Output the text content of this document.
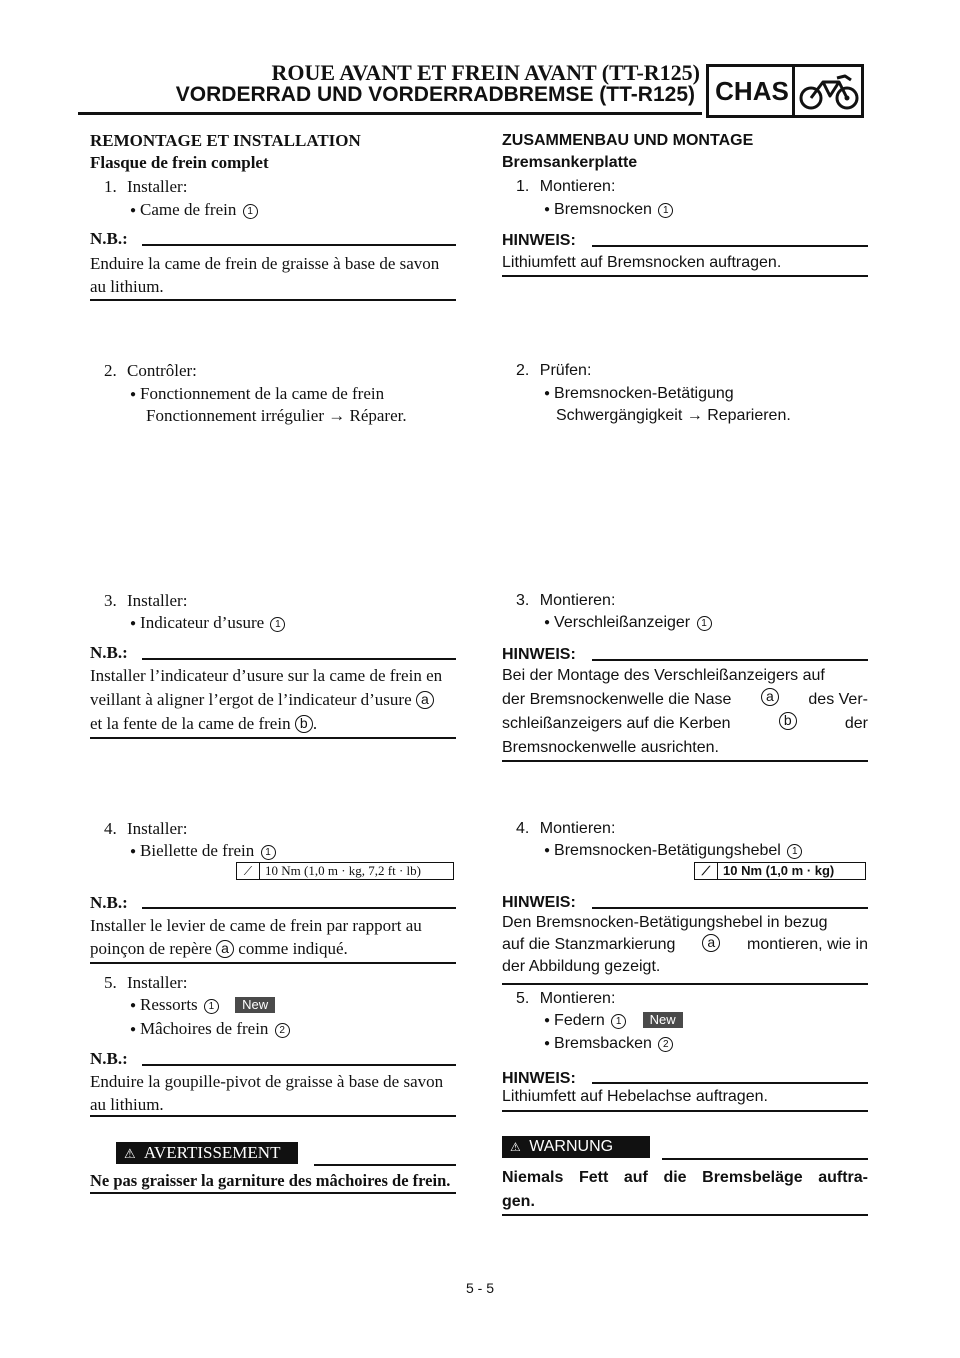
ROUE AVANT ET FREIN AVANT (TT-R125)
VORDERRAD UND VORDERRADBREMSE (TT-R125) CHAS
REMONTAGE ET INSTALLATION
Flasque de frein complet
1. Installer:
● Came de frein 1
N.B.:
Enduire la came de frein de graisse à base de savon
au lithium.
2. Contrôler:
● Fonctionnement de la came de frein
Fonctionnement irrégulier → Réparer.
3. Installer:
● Indicateur d’usure 1
N.B.:
Installer l’indicateur d’usure sur la came de frein en
veillant à aligner l’ergot de l’indicateur d’usure a
et la fente de la came de frein b .
4. Installer:
● Biellette de frein 1
⟋ 10 Nm (1,0 m · kg, 7,2 ft · lb)
N.B.:
Installer le levier de came de frein par rapport au
poinçon de repère a comme indiqué.
5. Installer:
● Ressorts 1 New
● Mâchoires de frein 2
N.B.:
Enduire la goupille-pivot de graisse à base de savon
au lithium.
⚠ AVERTISSEMENT
Ne pas graisser la garniture des mâchoires de frein.
ZUSAMMENBAU UND MONTAGE
Bremsankerplatte
1. Montieren:
● Bremsnocken 1
HINWEIS:
Lithiumfett auf Bremsnocken auftragen.
2. Prüfen:
● Bremsnocken-Betätigung
Schwergängigkeit → Reparieren.
3. Montieren:
● Verschleißanzeiger 1
HINWEIS:
Bei der Montage des Verschleißanzeigers auf
der Bremsnockenwelle die Nase	a	des Ver-
schleißanzeigers auf die Kerben	b	der
Bremsnockenwelle ausrichten.
4. Montieren:
● Bremsnocken-Betätigungshebel 1
⟋ 10 Nm (1,0 m · kg)
HINWEIS:
Den Bremsnocken-Betätigungshebel in bezug
auf die Stanzmarkierung	a	montieren, wie in
der Abbildung gezeigt.
5. Montieren:
● Federn 1 New
● Bremsbacken 2
HINWEIS:
Lithiumfett auf Hebelachse auftragen.
⚠ WARNUNG
Niemals Fett auf die Bremsbeläge auftra-
gen.
5 - 5
